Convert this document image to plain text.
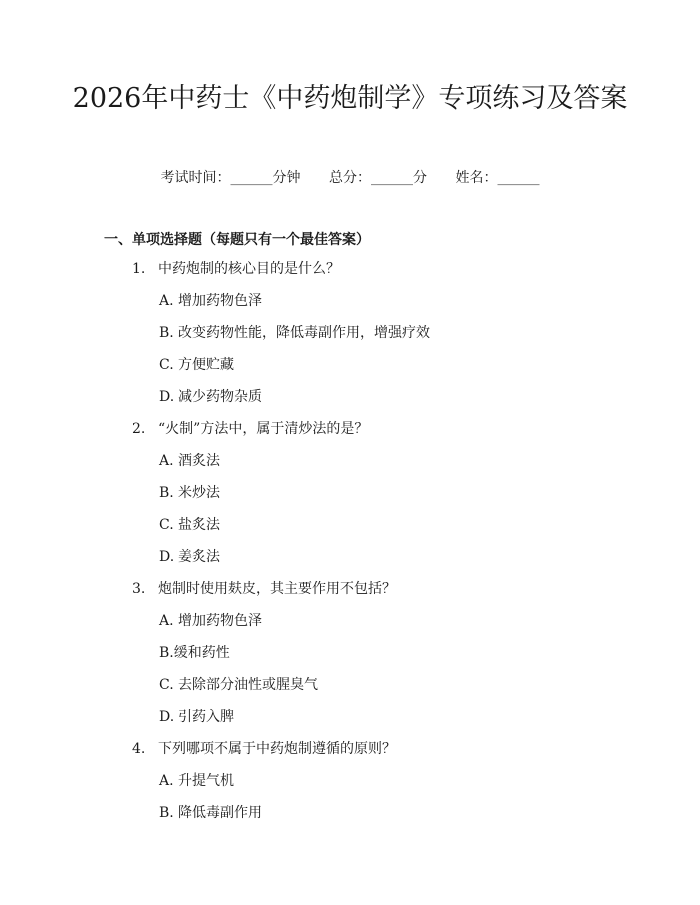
2026年中药士《中药炮制学》专项练习及答案
考试时间：______分钟 总分：______分 姓名：______
一、单项选择题（每题只有一个最佳答案）
1. 中药炮制的核心目的是什么？
A. 增加药物色泽
B. 改变药物性能，降低毒副作用，增强疗效
C. 方便贮藏
D. 减少药物杂质
2. “火制”方法中，属于清炒法的是？
A. 酒炙法
B. 米炒法
C. 盐炙法
D. 姜炙法
3. 炮制时使用麸皮，其主要作用不包括？
A. 增加药物色泽
B.缓和药性
C. 去除部分油性或腥臭气
D. 引药入脾
4. 下列哪项不属于中药炮制遵循的原则？
A. 升提气机
B. 降低毒副作用
